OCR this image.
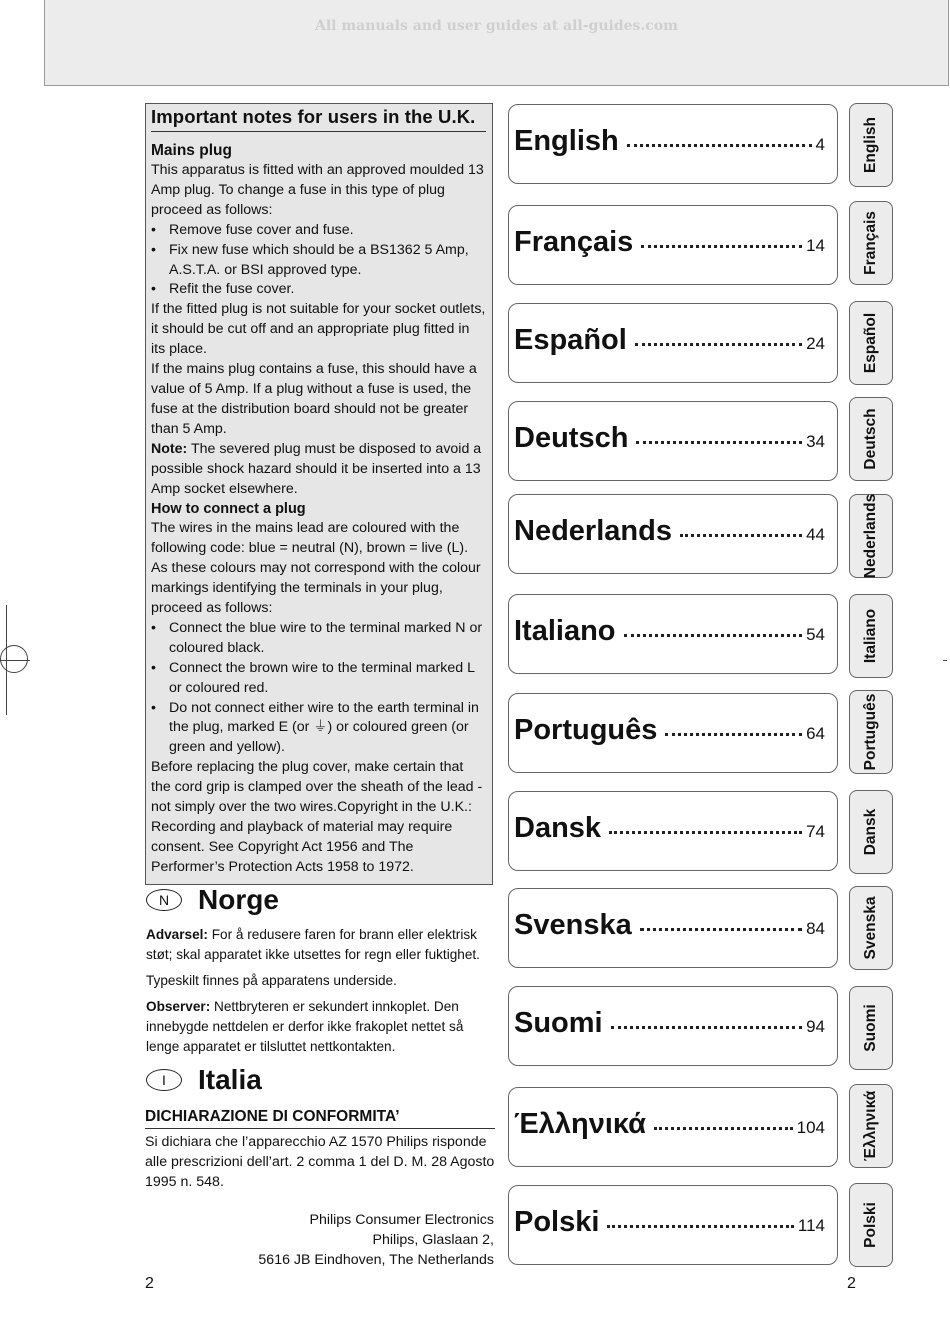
All manuals and user guides at all-guides.com
Important notes for users in the U.K.
Mains plug

This apparatus is fitted with an approved moulded 13 Amp plug. To change a fuse in this type of plug proceed as follows:

• Remove fuse cover and fuse.

• Fix new fuse which should be a BS1362 5 Amp, A.S.T.A. or BSI approved type.

• Refit the fuse cover.

If the fitted plug is not suitable for your socket outlets, it should be cut off and an appropriate plug fitted in its place.

If the mains plug contains a fuse, this should have a value of 5 Amp. If a plug without a fuse is used, the fuse at the distribution board should not be greater than 5 Amp.

Note: The severed plug must be disposed to avoid a possible shock hazard should it be inserted into a 13 Amp socket elsewhere.

How to connect a plug

The wires in the mains lead are coloured with the following code: blue = neutral (N), brown = live (L). As these colours may not correspond with the colour markings identifying the terminals in your plug, proceed as follows:

• Connect the blue wire to the terminal marked N or coloured black.

• Connect the brown wire to the terminal marked L or coloured red.

• Do not connect either wire to the earth terminal in the plug, marked E (or ⏚) or coloured green (or green and yellow).

Before replacing the plug cover, make certain that the cord grip is clamped over the sheath of the lead - not simply over the two wires.Copyright in the U.K.: Recording and playback of material may require consent. See Copyright Act 1956 and The Performer’s Protection Acts 1958 to 1972.

N	Norge

Advarsel: For å redusere faren for brann eller elektrisk støt; skal apparatet ikke utsettes for regn eller fuktighet.

Typeskilt finnes på apparatens underside.

Observer: Nettbryteren er sekundert innkoplet. Den innebygde nettdelen er derfor ikke frakoplet nettet så lenge apparatet er tilsluttet nettkontakten.

I	Italia
DICHIARAZIONE DI CONFORMITA’
Si dichiara che l’apparecchio AZ 1570 Philips risponde alle prescrizioni dell’art. 2 comma 1 del D. M. 28 Agosto 1995 n. 548.
Philips Consumer Electronics
Philips, Glaslaan 2,
5616 JB Eindhoven, The Netherlands
2	2
English	4 English
Français	14 Français
Español	24 Español
Deutsch	34 Deutsch
Nederlands	44 Nederlands
Italiano	54 Italiano
Português	64 Português
Dansk	74 Dansk
Svenska	84 Svenska
Suomi	94 Suomi
Έλληνικά	104 Έλληνικά
Polski	114 Polski
